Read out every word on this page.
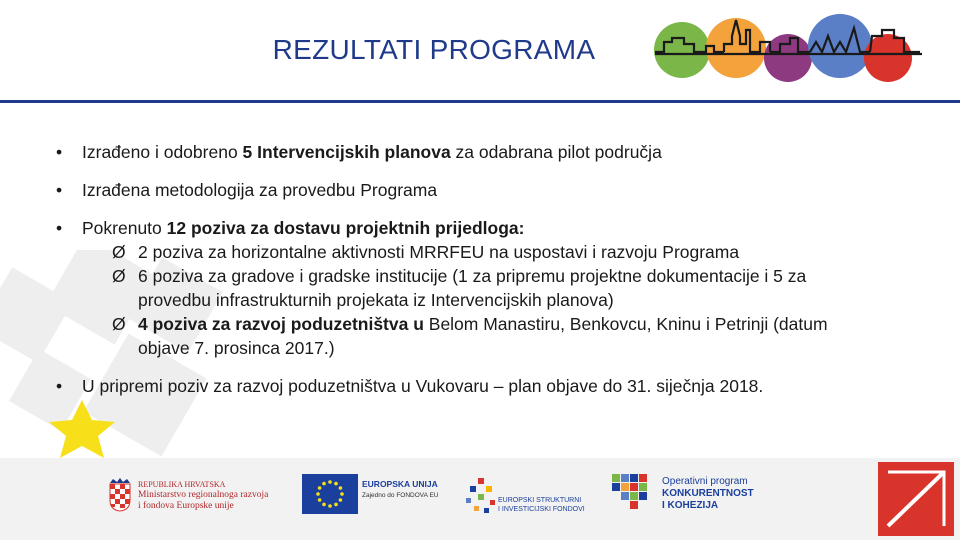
REZULTATI PROGRAMA
• Izrađeno i odobreno 5 Intervencijskih planova za odabrana pilot područja
• Izrađena metodologija za provedbu Programa
• Pokrenuto 12 poziva za dostavu projektnih prijedloga:
Ø 2 poziva za horizontalne aktivnosti MRRFEU na uspostavi i razvoju Programa
Ø 6 poziva za gradove i gradske institucije (1 za pripremu projektne dokumentacije i 5 za
provedbu infrastrukturnih projekata iz Intervencijskih planova)
Ø 4 poziva za razvoj poduzetništva u Belom Manastiru, Benkovcu, Kninu i Petrinji (datum
objave 7. prosinca 2017.)
• U pripremi poziv za razvoj poduzetništva u Vukovaru – plan objave do 31. siječnja 2018.
REPUBLIKA HRVATSKA
Ministarstvo regionalnoga razvoja
i fondova Europske unije
EUROPSKA UNIJA
Zajedno do FONDOVA EU
EUROPSKI STRUKTURNI
I INVESTICIJSKI FONDOVI
Operativni program
KONKURENTNOST
I KOHEZIJA
